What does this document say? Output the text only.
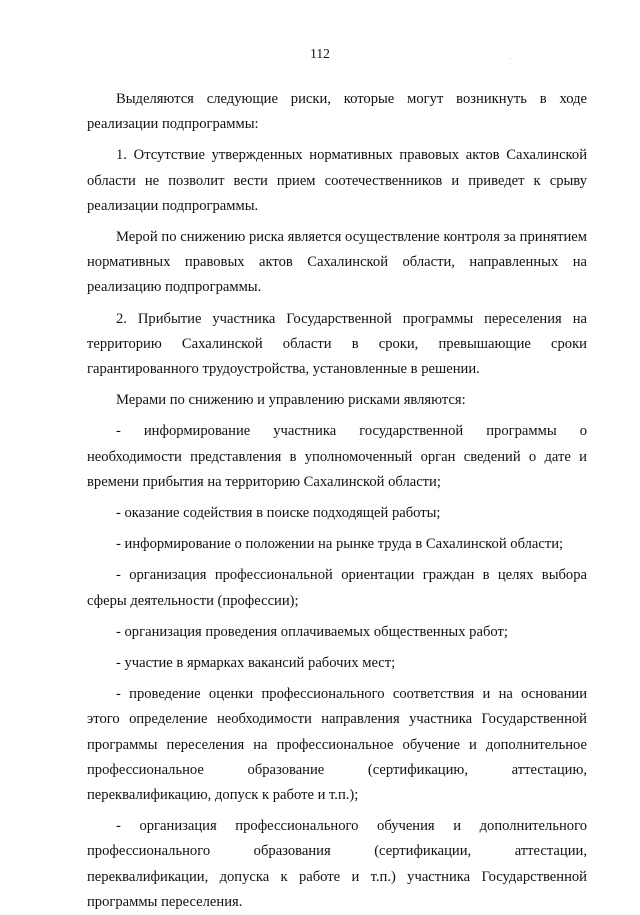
112

Выделяются следующие риски, которые могут возникнуть в ходе реализации подпрограммы:

1. Отсутствие утвержденных нормативных правовых актов Сахалинской области не позволит вести прием соотечественников и приведет к срыву реализации подпрограммы.

Мерой по снижению риска является осуществление контроля за принятием нормативных правовых актов Сахалинской области, направленных на реализацию подпрограммы.

2. Прибытие участника Государственной программы переселения на территорию Сахалинской области в сроки, превышающие сроки гарантированного трудоустройства, установленные в решении.

Мерами по снижению и управлению рисками являются:

- информирование участника государственной программы о необходимости представления в уполномоченный орган сведений о дате и времени прибытия на территорию Сахалинской области;

- оказание содействия в поиске подходящей работы;

- информирование о положении на рынке труда в Сахалинской области;

- организация профессиональной ориентации граждан в целях выбора сферы деятельности (профессии);

- организация проведения оплачиваемых общественных работ;

- участие в ярмарках вакансий рабочих мест;

- проведение оценки профессионального соответствия и на основании этого определение необходимости направления участника Государственной программы переселения на профессиональное обучение и дополнительное профессиональное образование (сертификацию, аттестацию, переквалификацию, допуск к работе и т.п.);

- организация профессионального обучения и дополнительного профессионального образования (сертификации, аттестации, переквалификации, допуска к работе и т.п.) участника Государственной программы переселения.
